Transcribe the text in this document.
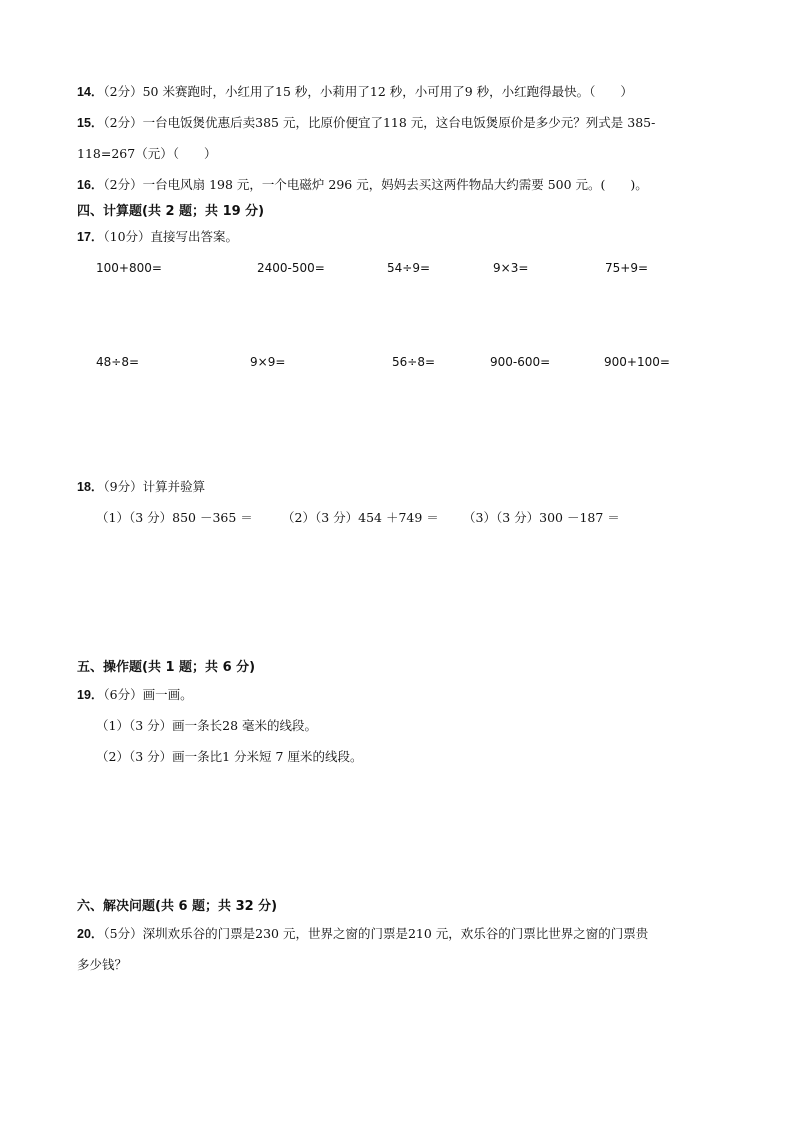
14．（2分）50 米赛跑时，小红用了15 秒，小莉用了12 秒，小可用了9 秒，小红跑得最快。（　　）
15．（2分）一台电饭煲优惠后卖385 元，比原价便宜了118 元，这台电饭煲原价是多少元？列式是 385-
118=267（元）（　　）
16．（2分）一台电风扇 198 元，一个电磁炉 296 元，妈妈去买这两件物品大约需要 500 元。(　　)。
四、计算题(共 2 题；共 19 分)
17．（10分）直接写出答案。
100+800=	2400-500=	54÷9=	9×3=	75+9=
48÷8=	9×9=	56÷8=	900-600=	900+100=
18．（9分）计算并验算
（1）（3 分）850 －365 ＝ （2）（3 分）454 ＋749 ＝ （3）（3 分）300 －187 ＝
五、操作题(共 1 题；共 6 分)
19．（6分）画一画。
（1）（3 分）画一条长28 毫米的线段。
（2）（3 分）画一条比1 分米短 7 厘米的线段。
六、解决问题(共 6 题；共 32 分)
20．（5分）深圳欢乐谷的门票是230 元，世界之窗的门票是210 元，欢乐谷的门票比世界之窗的门票贵
多少钱？
